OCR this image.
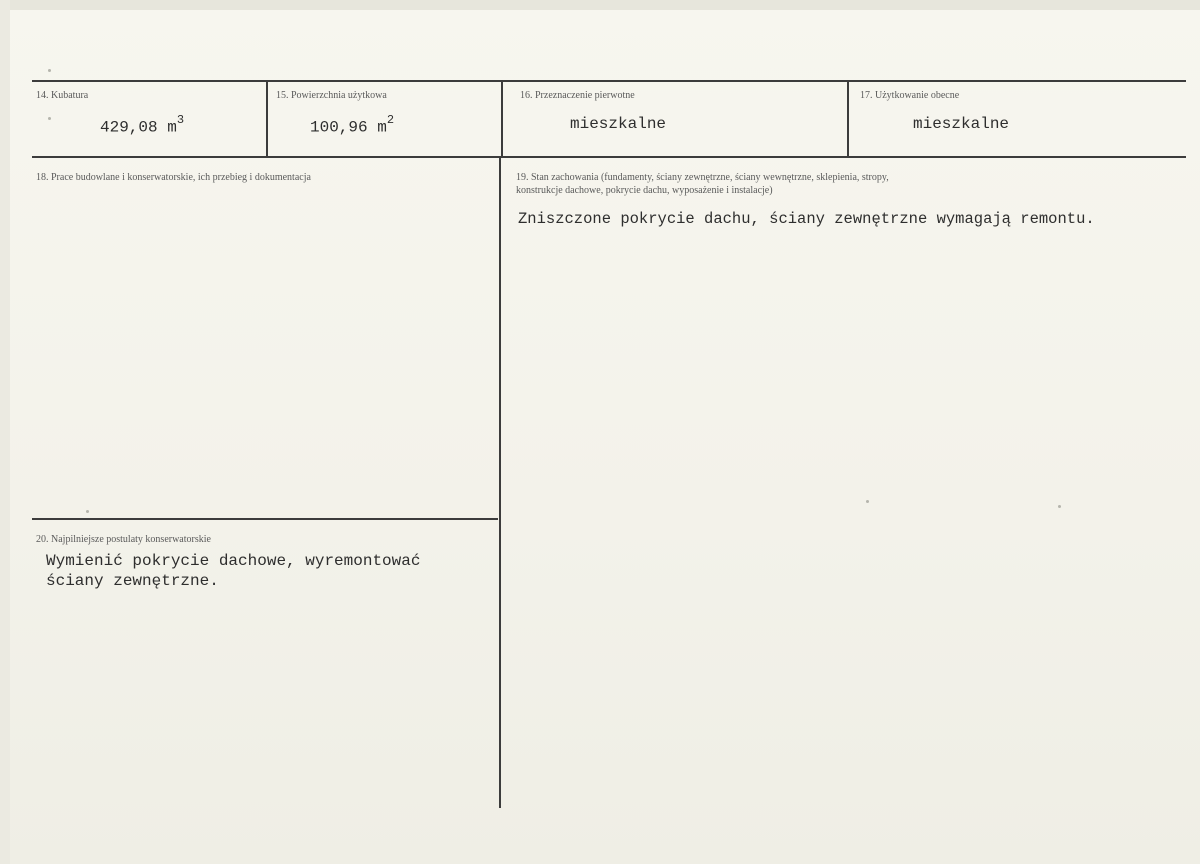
14. Kubatura
429,08 $m^3$
15. Powierzchnia użytkowa
100,96 $m^2$
16. Przeznaczenie pierwotne
mieszkalne
17. Użytkowanie obecne
mieszkalne
18. Prace budowlane i konserwatorskie, ich przebieg i dokumentacja	19. Stan zachowania (fundamenty, ściany zewnętrzne, ściany wewnętrzne, sklepienia, stropy,
konstrukcje dachowe, pokrycie dachu, wyposażenie i instalacje)
Zniszczone pokrycie dachu, ściany zewnętrzne wymagają remontu.
20. Najpilniejsze postulaty konserwatorskie
Wymienić pokrycie dachowe, wyremontować
ściany zewnętrzne.
